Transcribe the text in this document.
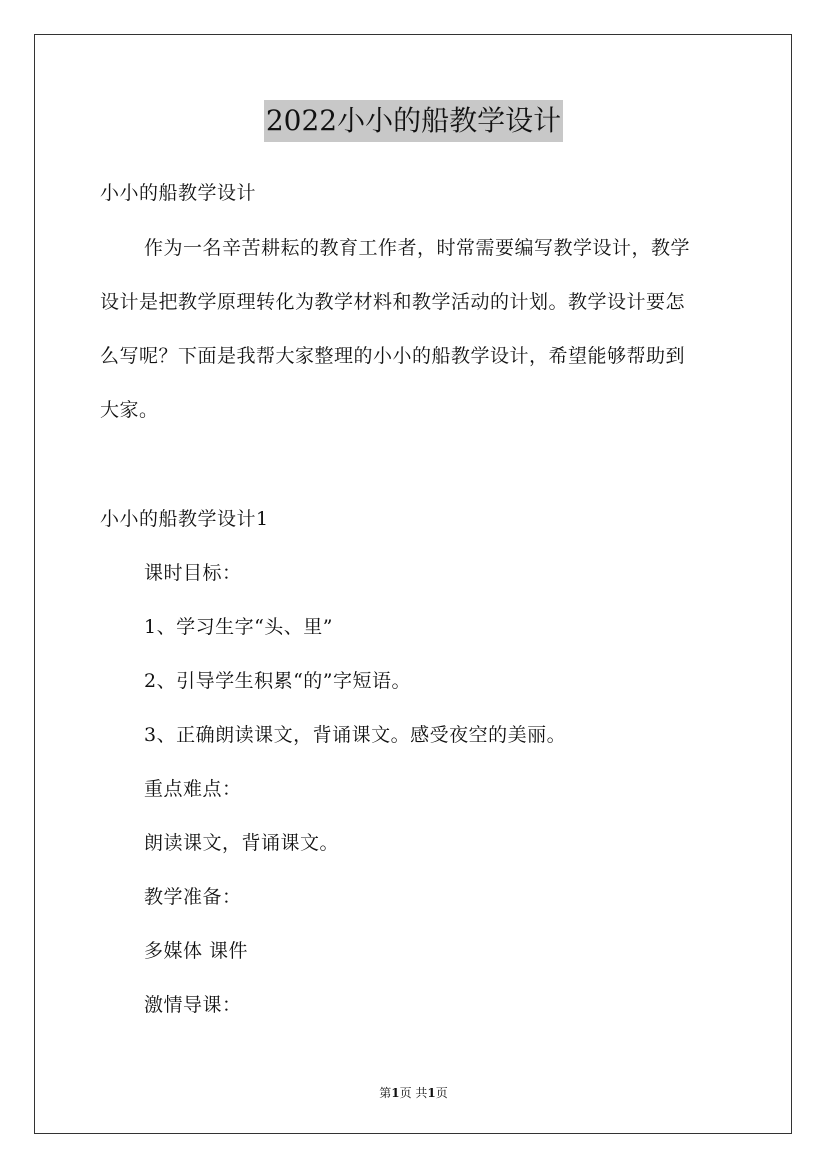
2022小小的船教学设计
小小的船教学设计
作为一名辛苦耕耘的教育工作者，时常需要编写教学设计，教学
设计是把教学原理转化为教学材料和教学活动的计划。教学设计要怎
么写呢？下面是我帮大家整理的小小的船教学设计，希望能够帮助到
大家。
小小的船教学设计1
课时目标：
1、学习生字“头、里”
2、引导学生积累“的”字短语。
3、正确朗读课文，背诵课文。感受夜空的美丽。
重点难点：
朗读课文，背诵课文。
教学准备：
多媒体 课件
激情导课：
第1页 共1页
